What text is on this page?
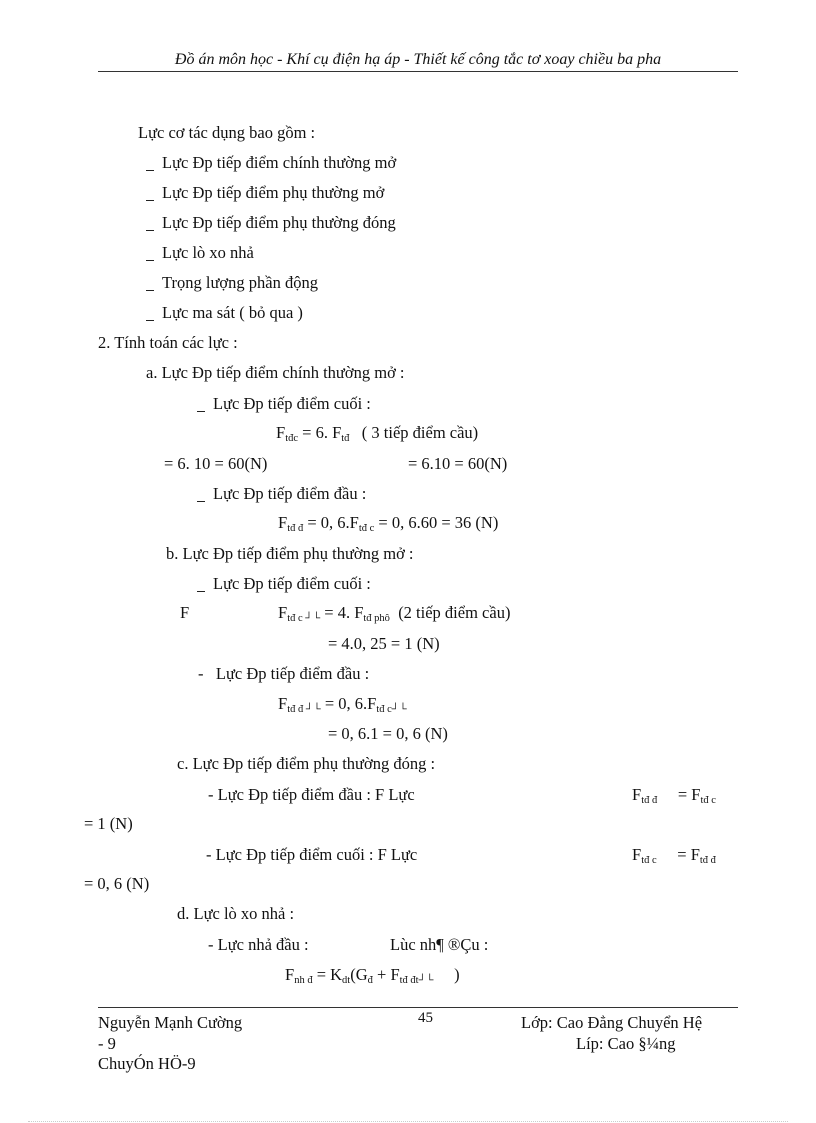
Đồ án môn học - Khí cụ điện hạ áp - Thiết kế công tắc tơ xoay chiều ba pha
Lực cơ tác dụng bao gồm :
Lực Đp tiếp điểm chính thường mở
Lực Đp tiếp điểm phụ thường mở
Lực Đp tiếp điểm phụ thường đóng
Lực lò xo nhả
Trọng lượng phần động
Lực ma sát ( bỏ qua )
2. Tính toán các lực :
a. Lực Đp tiếp điểm chính thường mở :
Lực Đp tiếp điểm cuối :
$F_{tđc} = 6$. $F_{tđ}$   ( 3 tiếp điểm cầu)
= 6. 10 = 60(N)	= 6.10 = 60(N)
Lực Đp tiếp điểm đầu :
$F_{tđ đ} = 0$, $6.F_{tđ c} = 0$, 6.60 = 36 (N)
b. Lực Đp tiếp điểm phụ thường mở :
Lực Đp tiếp điểm cuối :
F	$F_{tđ c ┘└} = 4$. $F_{tđ phô}$  (2 tiếp điểm cầu)
= 4.0, 25 = 1 (N)
- Lực Đp tiếp điểm đầu :
$F_{tđ đ ┘└} = 0$, $6.F_{tđ c┘└}$
= 0, 6.1 = 0, 6 (N)
c. Lực Đp tiếp điểm phụ thường đóng :
- Lực Đp tiếp điểm đầu : F Lực	$F_{tđ đ} = F_{tđ c}$
= 1 (N)
- Lực Đp tiếp điểm cuối : F Lực	$F_{tđ c} = F_{tđ đ}$
= 0, 6 (N)
d. Lực lò xo nhả :
- Lực nhả đầu :	Lùc nh¶ ®Çu :
$F_{nh đ} = K_{dt}(G_đ + F_{tđ đt┘└}$ )
Nguyễn Mạnh Cường	45	Lớp: Cao Đẳng Chuyển Hệ
- 9	Líp: Cao §¼ng
ChuyÓn HÖ-9
